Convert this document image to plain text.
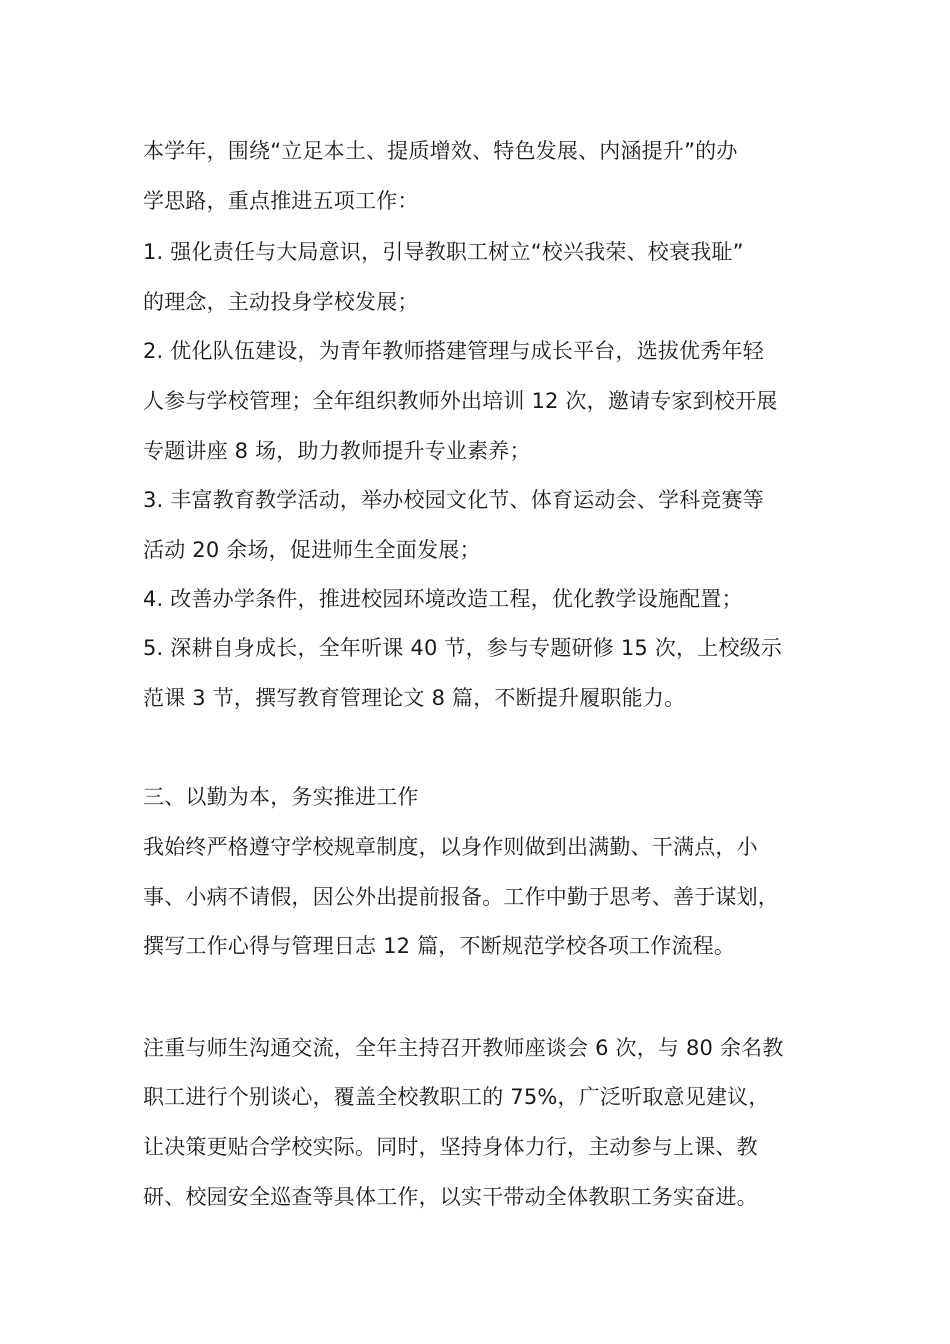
本学年，围绕“立足本土、提质增效、特色发展、内涵提升”的办
学思路，重点推进五项工作：
1. 强化责任与大局意识，引导教职工树立“校兴我荣、校衰我耻”
的理念，主动投身学校发展；
2. 优化队伍建设，为青年教师搭建管理与成长平台，选拔优秀年轻
人参与学校管理；全年组织教师外出培训 12 次，邀请专家到校开展
专题讲座 8 场，助力教师提升专业素养；
3. 丰富教育教学活动，举办校园文化节、体育运动会、学科竞赛等
活动 20 余场，促进师生全面发展；
4. 改善办学条件，推进校园环境改造工程，优化教学设施配置；
5. 深耕自身成长，全年听课 40 节，参与专题研修 15 次，上校级示
范课 3 节，撰写教育管理论文 8 篇，不断提升履职能力。
三、以勤为本，务实推进工作
我始终严格遵守学校规章制度，以身作则做到出满勤、干满点，小
事、小病不请假，因公外出提前报备。工作中勤于思考、善于谋划，
撰写工作心得与管理日志 12 篇，不断规范学校各项工作流程。
注重与师生沟通交流，全年主持召开教师座谈会 6 次，与 80 余名教
职工进行个别谈心，覆盖全校教职工的 75%，广泛听取意见建议，
让决策更贴合学校实际。同时，坚持身体力行，主动参与上课、教
研、校园安全巡查等具体工作，以实干带动全体教职工务实奋进。
